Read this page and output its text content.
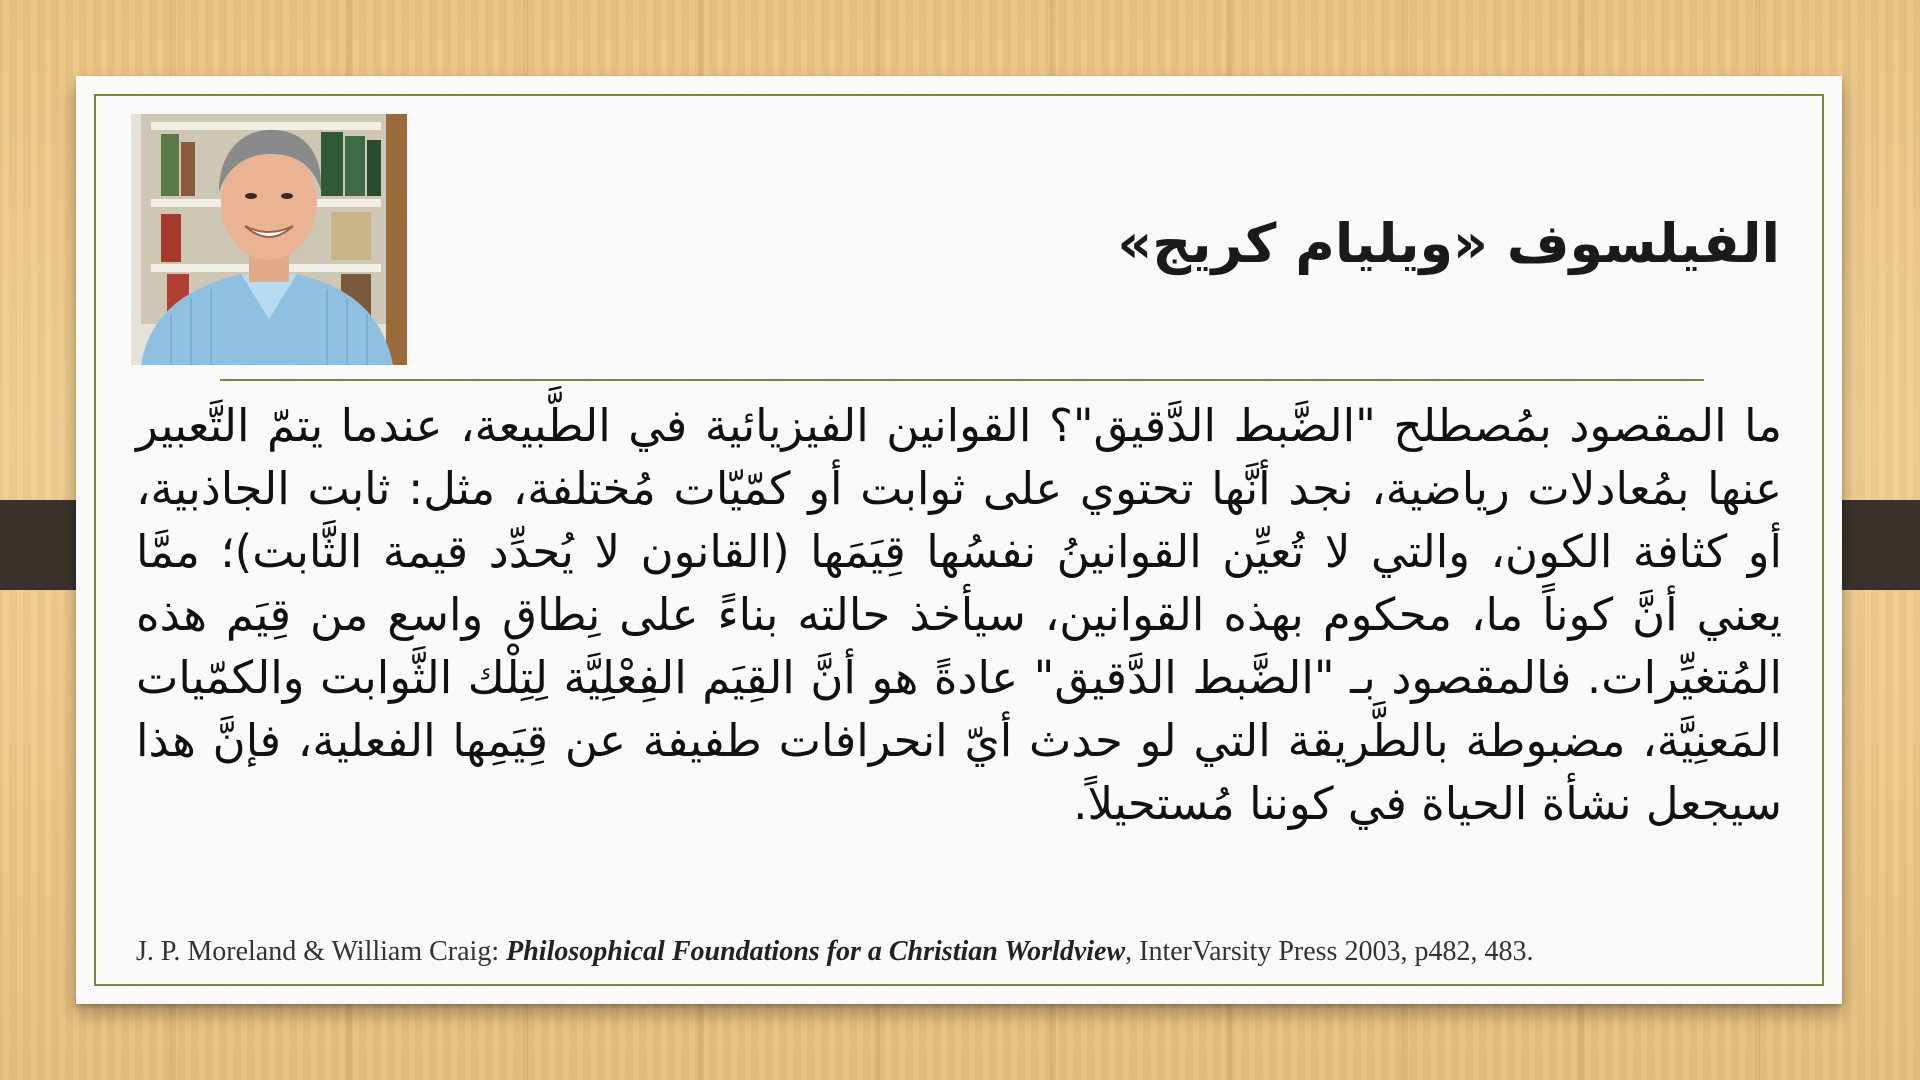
الفيلسوف «ويليام كريج»
ما المقصود بمُصطلح "الضَّبط الدَّقيق"؟ القوانين الفيزيائية في الطَّبيعة، عندما يتمّ التَّعبير عنها بمُعادلات رياضية، نجد أنَّها تحتوي على ثوابت أو كمّيّات مُختلفة، مثل: ثابت الجاذبية، أو كثافة الكون، والتي لا تُعيِّن القوانينُ نفسُها قِيَمَها (القانون لا يُحدِّد قيمة الثَّابت)؛ ممَّا يعني أنَّ كوناً ما، محكوم بهذه القوانين، سيأخذ حالته بناءً على نِطاق واسع من قِيَم هذه المُتغيِّرات. فالمقصود بـ "الضَّبط الدَّقيق" عادةً هو أنَّ القِيَم الفِعْلِيَّة لِتِلْك الثَّوابت والكمّيات المَعنِيَّة، مضبوطة بالطَّريقة التي لو حدث أيّ انحرافات طفيفة عن قِيَمِها الفعلية، فإنَّ هذا سيجعل نشأة الحياة في كوننا مُستحيلاً.
J. P. Moreland & William Craig: Philosophical Foundations for a Christian Worldview, InterVarsity Press 2003, p482, 483.
